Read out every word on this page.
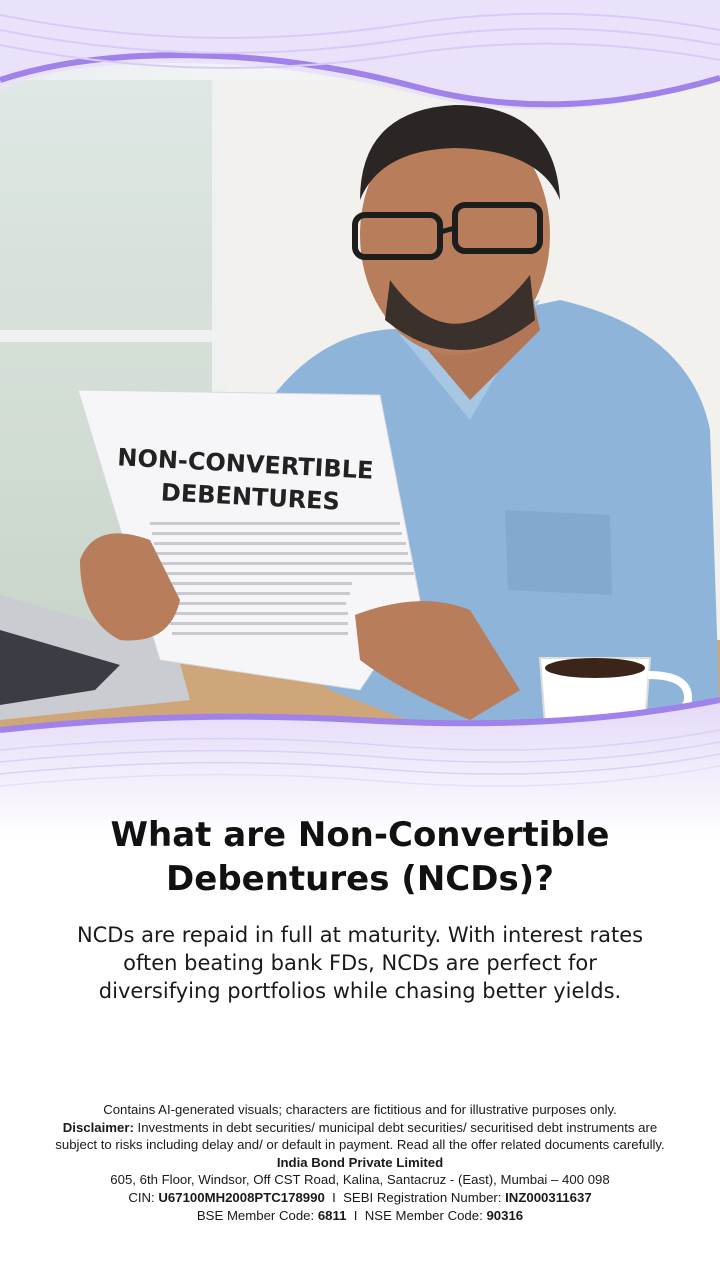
NON-CONVERTIBLE
DEBENTURES
What are Non-Convertible
Debentures (NCDs)?
NCDs are repaid in full at maturity. With interest rates
often beating bank FDs, NCDs are perfect for
diversifying portfolios while chasing better yields.
Contains AI-generated visuals; characters are fictitious and for illustrative purposes only.
Disclaimer: Investments in debt securities/ municipal debt securities/ securitised debt instruments are
subject to risks including delay and/ or default in payment. Read all the offer related documents carefully.
India Bond Private Limited
605, 6th Floor, Windsor, Off CST Road, Kalina, Santacruz - (East), Mumbai – 400 098
CIN: U67100MH2008PTC178990  I  SEBI Registration Number: INZ000311637
BSE Member Code: 6811  I  NSE Member Code: 90316
